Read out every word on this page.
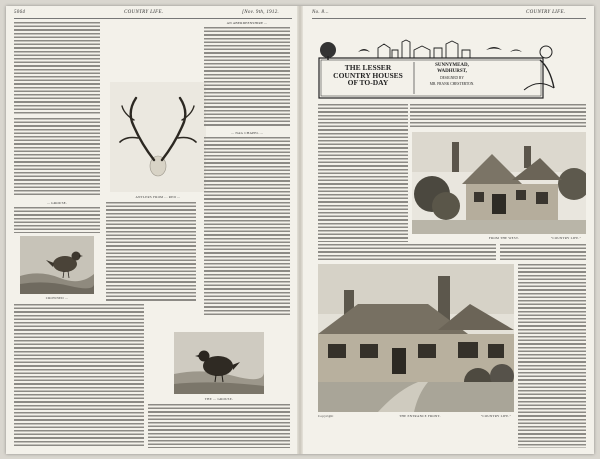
5064	COUNTRY LIFE.	[Nov. 9th, 1912.
... GROUSE.
CROWNED ...
ANTLERS FROM ... RED ...
AN ABERDEENSHIRE ...
... NAG CHAPEL ...
THE ... GROUSE.
No. 8...	COUNTRY LIFE.
THE LESSER
COUNTRY HOUSES
OF TO-DAY
SUNNYMEAD,
WADHURST,
DESIGNED BY
MR. FRANK CHESTERTON.
FROM THE WEST.	"COUNTRY LIFE."
Copyright	THE ENTRANCE FRONT.	"COUNTRY LIFE."
